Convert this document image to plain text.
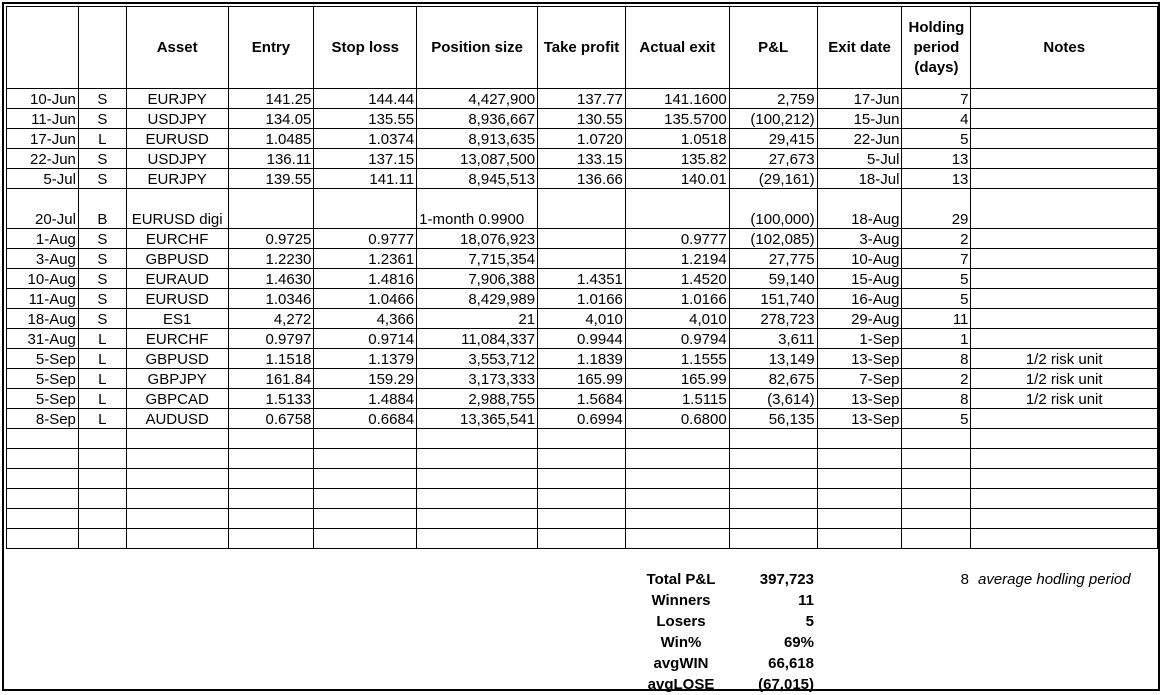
		Asset	Entry	Stop loss	Position size	Take profit	Actual exit	P&L	Exit date	Holding period (days)	Notes
10-Jun	S	EURJPY	141.25	144.44	4,427,900	137.77	141.1600	2,759	17-Jun	7	
11-Jun	S	USDJPY	134.05	135.55	8,936,667	130.55	135.5700	(100,212)	15-Jun	4	
17-Jun	L	EURUSD	1.0485	1.0374	8,913,635	1.0720	1.0518	29,415	22-Jun	5	
22-Jun	S	USDJPY	136.11	137.15	13,087,500	133.15	135.82	27,673	5-Jul	13	
5-Jul	S	EURJPY	139.55	141.11	8,945,513	136.66	140.01	(29,161)	18-Jul	13	
20-Jul	B	EURUSD digi			1-month 0.9900			(100,000)	18-Aug	29	
1-Aug	S	EURCHF	0.9725	0.9777	18,076,923		0.9777	(102,085)	3-Aug	2	
3-Aug	S	GBPUSD	1.2230	1.2361	7,715,354		1.2194	27,775	10-Aug	7	
10-Aug	S	EURAUD	1.4630	1.4816	7,906,388	1.4351	1.4520	59,140	15-Aug	5	
11-Aug	S	EURUSD	1.0346	1.0466	8,429,989	1.0166	1.0166	151,740	16-Aug	5	
18-Aug	S	ES1	4,272	4,366	21	4,010	4,010	278,723	29-Aug	11	
31-Aug	L	EURCHF	0.9797	0.9714	11,084,337	0.9944	0.9794	3,611	1-Sep	1	
5-Sep	L	GBPUSD	1.1518	1.1379	3,553,712	1.1839	1.1555	13,149	13-Sep	8	1/2 risk unit
5-Sep	L	GBPJPY	161.84	159.29	3,173,333	165.99	165.99	82,675	7-Sep	2	1/2 risk unit
5-Sep	L	GBPCAD	1.5133	1.4884	2,988,755	1.5684	1.5115	(3,614)	13-Sep	8	1/2 risk unit
8-Sep	L	AUDUSD	0.6758	0.6684	13,365,541	0.6994	0.6800	56,135	13-Sep	5	

Total P&L	397,723	8 average hodling period
Winners	11
Losers	5
Win%	69%
avgWIN	66,618
avgLOSE	(67,015)
